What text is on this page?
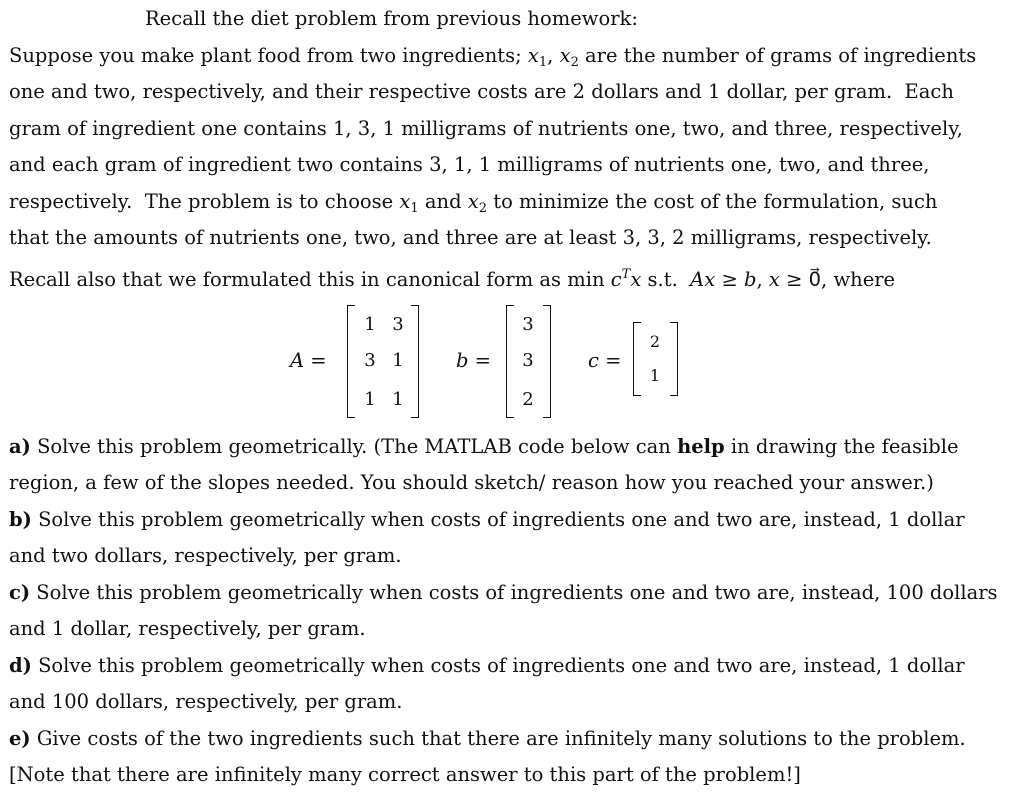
Recall the diet problem from previous homework:
Suppose you make plant food from two ingredients; $x_1$, $x_2$ are the number of grams of ingredients
one and two, respectively, and their respective costs are 2 dollars and 1 dollar, per gram.  Each
gram of ingredient one contains 1, 3, 1 milligrams of nutrients one, two, and three, respectively,
and each gram of ingredient two contains 3, 1, 1 milligrams of nutrients one, two, and three,
respectively.  The problem is to choose $x_1$ and $x_2$ to minimize the cost of the formulation, such
that the amounts of nutrients one, two, and three are at least 3, 3, 2 milligrams, respectively.
Recall also that we formulated this in canonical form as $\min c^Tx$ s.t.  Ax ≥ b, x ≥ 0⃗, where
A =
1 3
3 1
1 1
b =
3
3
2
c =
2
1
a) Solve this problem geometrically. (The MATLAB code below can help in drawing the feasible
region, a few of the slopes needed. You should sketch/ reason how you reached your answer.)
b) Solve this problem geometrically when costs of ingredients one and two are, instead, 1 dollar
and two dollars, respectively, per gram.
c) Solve this problem geometrically when costs of ingredients one and two are, instead, 100 dollars
and 1 dollar, respectively, per gram.
d) Solve this problem geometrically when costs of ingredients one and two are, instead, 1 dollar
and 100 dollars, respectively, per gram.
e) Give costs of the two ingredients such that there are infinitely many solutions to the problem.
[Note that there are infinitely many correct answer to this part of the problem!]
